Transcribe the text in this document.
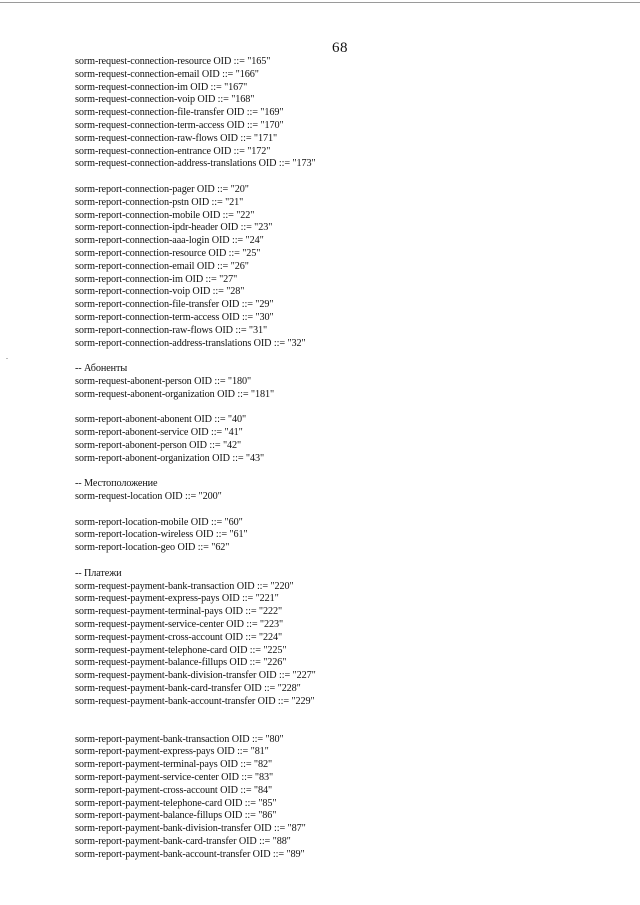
68
sorm-request-connection-resource OID ::= "165"
sorm-request-connection-email OID ::= "166"
sorm-request-connection-im OID ::= "167"
sorm-request-connection-voip OID ::= "168"
sorm-request-connection-file-transfer OID ::= "169"
sorm-request-connection-term-access OID ::= "170"
sorm-request-connection-raw-flows OID ::= "171"
sorm-request-connection-entrance OID ::= "172"
sorm-request-connection-address-translations OID ::= "173"
sorm-report-connection-pager OID ::= "20"
sorm-report-connection-pstn OID ::= "21"
sorm-report-connection-mobile OID ::= "22"
sorm-report-connection-ipdr-header OID ::= "23"
sorm-report-connection-aaa-login OID ::= "24"
sorm-report-connection-resource OID ::= "25"
sorm-report-connection-email OID ::= "26"
sorm-report-connection-im OID ::= "27"
sorm-report-connection-voip OID ::= "28"
sorm-report-connection-file-transfer OID ::= "29"
sorm-report-connection-term-access OID ::= "30"
sorm-report-connection-raw-flows OID ::= "31"
sorm-report-connection-address-translations OID ::= "32"
-- Абоненты
sorm-request-abonent-person OID ::= "180"
sorm-request-abonent-organization OID ::= "181"
sorm-report-abonent-abonent OID ::= "40"
sorm-report-abonent-service OID ::= "41"
sorm-report-abonent-person OID ::= "42"
sorm-report-abonent-organization OID ::= "43"
-- Местоположение
sorm-request-location OID ::= "200"
sorm-report-location-mobile OID ::= "60"
sorm-report-location-wireless OID ::= "61"
sorm-report-location-geo OID ::= "62"
-- Платежи
sorm-request-payment-bank-transaction OID ::= "220"
sorm-request-payment-express-pays OID ::= "221"
sorm-request-payment-terminal-pays OID ::= "222"
sorm-request-payment-service-center OID ::= "223"
sorm-request-payment-cross-account OID ::= "224"
sorm-request-payment-telephone-card OID ::= "225"
sorm-request-payment-balance-fillups OID ::= "226"
sorm-request-payment-bank-division-transfer OID ::= "227"
sorm-request-payment-bank-card-transfer OID ::= "228"
sorm-request-payment-bank-account-transfer OID ::= "229"
sorm-report-payment-bank-transaction OID ::= "80"
sorm-report-payment-express-pays OID ::= "81"
sorm-report-payment-terminal-pays OID ::= "82"
sorm-report-payment-service-center OID ::= "83"
sorm-report-payment-cross-account OID ::= "84"
sorm-report-payment-telephone-card OID ::= "85"
sorm-report-payment-balance-fillups OID ::= "86"
sorm-report-payment-bank-division-transfer OID ::= "87"
sorm-report-payment-bank-card-transfer OID ::= "88"
sorm-report-payment-bank-account-transfer OID ::= "89"
